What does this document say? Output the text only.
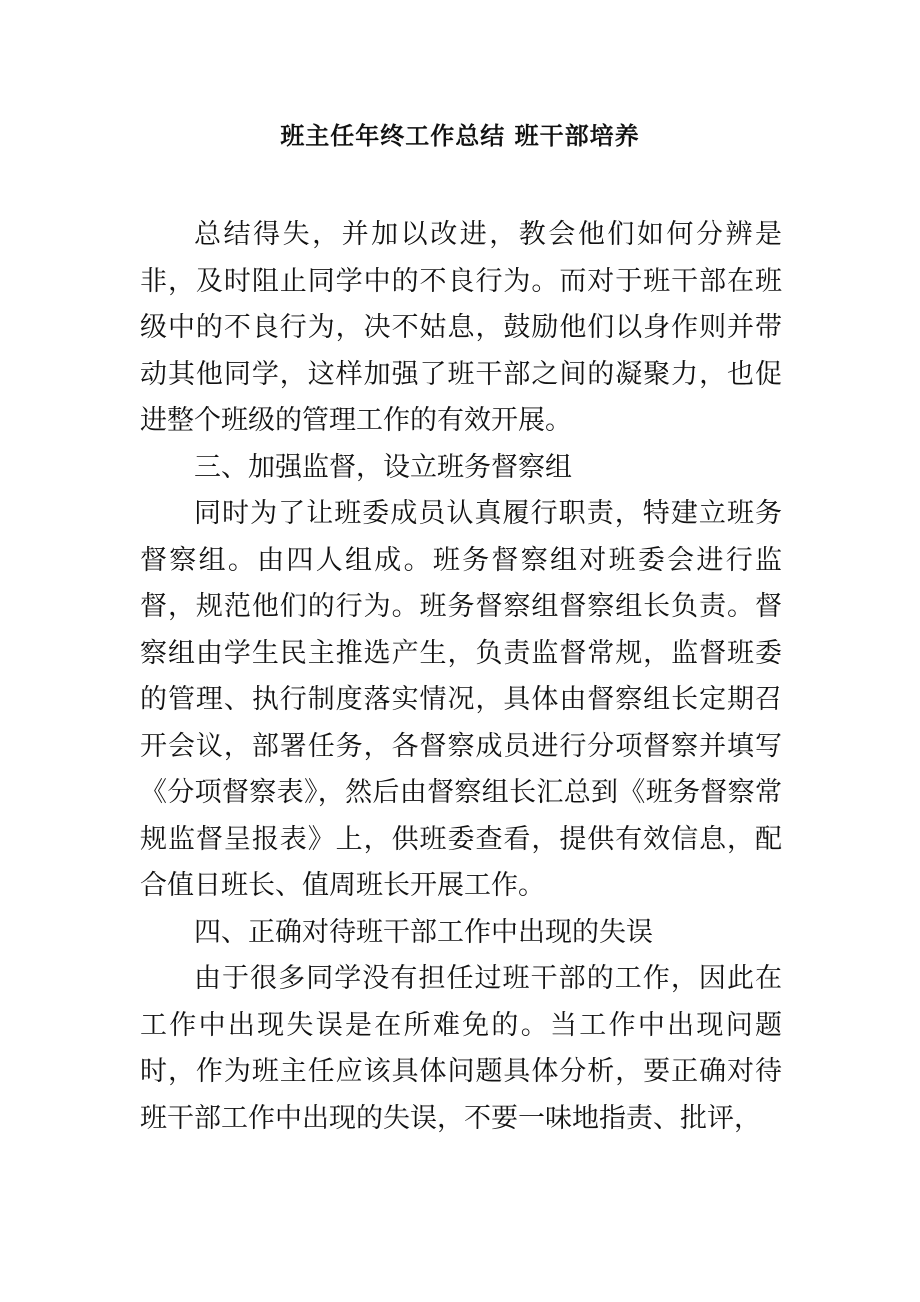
班主任年终工作总结 班干部培养

总结得失，并加以改进，教会他们如何分辨是非，及时阻止同学中的不良行为。而对于班干部在班级中的不良行为，决不姑息，鼓励他们以身作则并带动其他同学，这样加强了班干部之间的凝聚力，也促进整个班级的管理工作的有效开展。

三、加强监督，设立班务督察组

同时为了让班委成员认真履行职责，特建立班务督察组。由四人组成。班务督察组对班委会进行监督，规范他们的行为。班务督察组督察组长负责。督察组由学生民主推选产生，负责监督常规，监督班委的管理、执行制度落实情况，具体由督察组长定期召开会议，部署任务，各督察成员进行分项督察并填写《分项督察表》，然后由督察组长汇总到《班务督察常规监督呈报表》上，供班委查看，提供有效信息，配合值日班长、值周班长开展工作。

四、正确对待班干部工作中出现的失误

由于很多同学没有担任过班干部的工作，因此在工作中出现失误是在所难免的。当工作中出现问题时，作为班主任应该具体问题具体分析，要正确对待班干部工作中出现的失误，不要一味地指责、批评，
